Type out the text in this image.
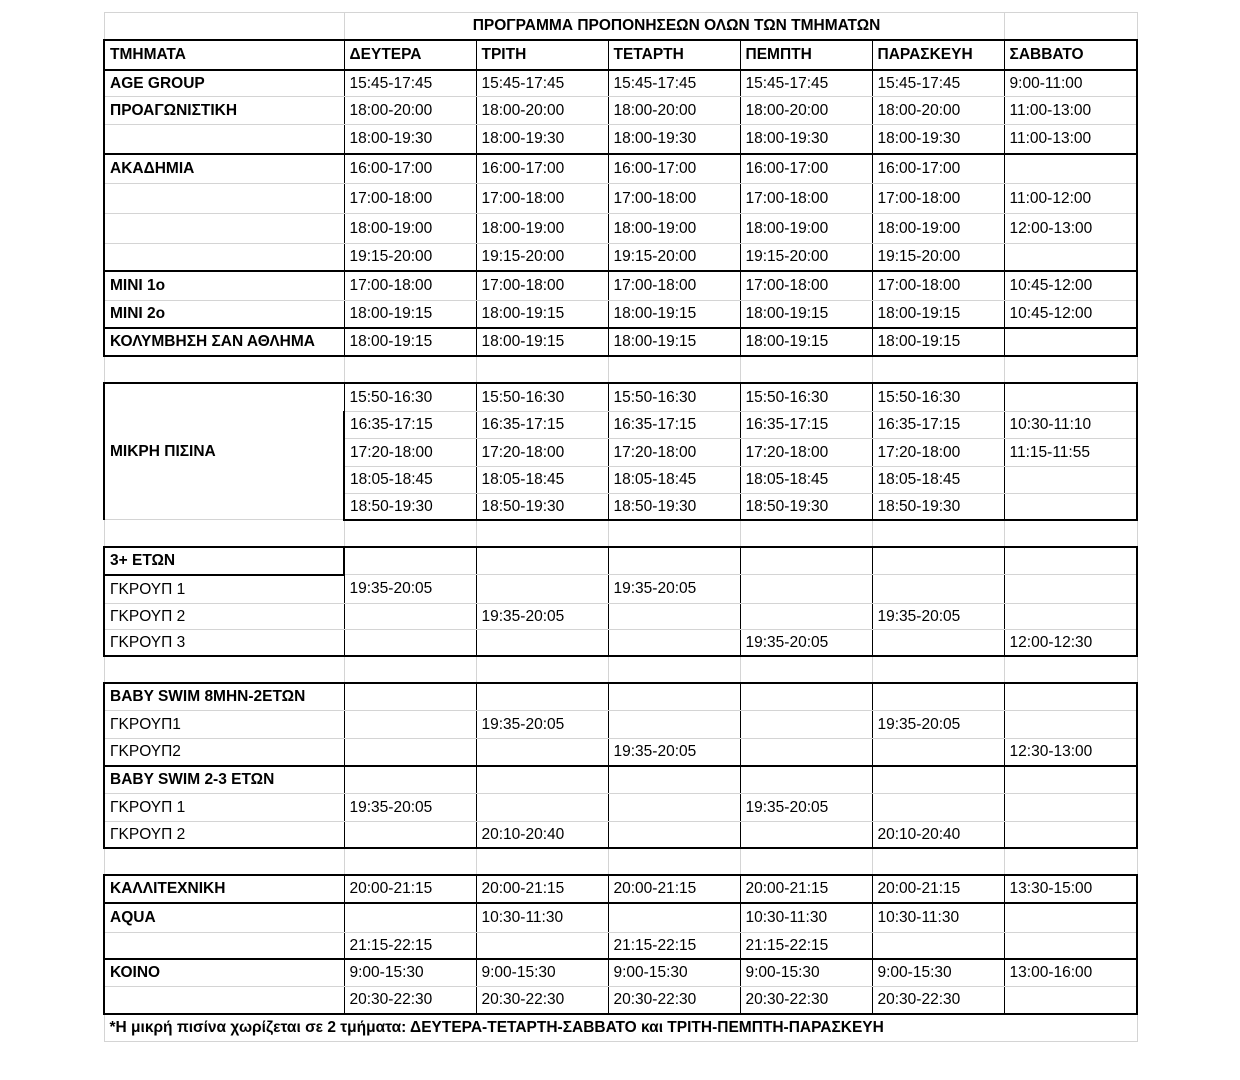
	ΠΡΟΓΡΑΜΜΑ ΠΡΟΠΟΝΗΣΕΩΝ ΟΛΩΝ ΤΩΝ ΤΜΗΜΑΤΩΝ					
ΤΜΗΜΑΤΑ	ΔΕΥΤΕΡΑ	ΤΡΙΤΗ	ΤΕΤΑΡΤΗ	ΠΕΜΠΤΗ	ΠΑΡΑΣΚΕΥΗ	ΣΑΒΒΑΤΟ
AGE GROUP	15:45-17:45	15:45-17:45	15:45-17:45	15:45-17:45	15:45-17:45	9:00-11:00
ΠΡΟΑΓΩΝΙΣΤΙΚΗ	18:00-20:00	18:00-20:00	18:00-20:00	18:00-20:00	18:00-20:00	11:00-13:00
	18:00-19:30	18:00-19:30	18:00-19:30	18:00-19:30	18:00-19:30	11:00-13:00
ΑΚΑΔΗΜΙΑ	16:00-17:00	16:00-17:00	16:00-17:00	16:00-17:00	16:00-17:00	
	17:00-18:00	17:00-18:00	17:00-18:00	17:00-18:00	17:00-18:00	11:00-12:00
	18:00-19:00	18:00-19:00	18:00-19:00	18:00-19:00	18:00-19:00	12:00-13:00
	19:15-20:00	19:15-20:00	19:15-20:00	19:15-20:00	19:15-20:00	
MINI 1ο	17:00-18:00	17:00-18:00	17:00-18:00	17:00-18:00	17:00-18:00	10:45-12:00
MINI 2ο	18:00-19:15	18:00-19:15	18:00-19:15	18:00-19:15	18:00-19:15	10:45-12:00
ΚΟΛΥΜΒΗΣΗ ΣΑΝ ΑΘΛΗΜΑ	18:00-19:15	18:00-19:15	18:00-19:15	18:00-19:15	18:00-19:15	

ΜΙΚΡΗ ΠΙΣΙΝΑ	15:50-16:30	15:50-16:30	15:50-16:30	15:50-16:30	15:50-16:30	
	16:35-17:15	16:35-17:15	16:35-17:15	16:35-17:15	16:35-17:15	10:30-11:10
	17:20-18:00	17:20-18:00	17:20-18:00	17:20-18:00	17:20-18:00	11:15-11:55
	18:05-18:45	18:05-18:45	18:05-18:45	18:05-18:45	18:05-18:45	
	18:50-19:30	18:50-19:30	18:50-19:30	18:50-19:30	18:50-19:30	

3+ ΕΤΩΝ						
ΓΚΡΟΥΠ 1	19:35-20:05		19:35-20:05			
ΓΚΡΟΥΠ 2		19:35-20:05			19:35-20:05	
ΓΚΡΟΥΠ 3				19:35-20:05		12:00-12:30

BABY SWIM 8ΜΗΝ-2ΕΤΩΝ						
ΓΚΡΟΥΠ1		19:35-20:05			19:35-20:05	
ΓΚΡΟΥΠ2			19:35-20:05			12:30-13:00
BABY SWIM 2-3 ΕΤΩΝ						
ΓΚΡΟΥΠ 1	19:35-20:05			19:35-20:05		
ΓΚΡΟΥΠ 2		20:10-20:40			20:10-20:40	

ΚΑΛΛΙΤΕΧΝΙΚΗ	20:00-21:15	20:00-21:15	20:00-21:15	20:00-21:15	20:00-21:15	13:30-15:00
AQUA		10:30-11:30		10:30-11:30	10:30-11:30	
	21:15-22:15		21:15-22:15	21:15-22:15		
ΚΟΙΝΟ	9:00-15:30	9:00-15:30	9:00-15:30	9:00-15:30	9:00-15:30	13:00-16:00
	20:30-22:30	20:30-22:30	20:30-22:30	20:30-22:30	20:30-22:30	
*Η μικρή πισίνα χωρίζεται σε 2 τμήματα: ΔΕΥΤΕΡΑ-ΤΕΤΑΡΤΗ-ΣΑΒΒΑΤΟ και ΤΡΙΤΗ-ΠΕΜΠΤΗ-ΠΑΡΑΣΚΕΥΗ						
